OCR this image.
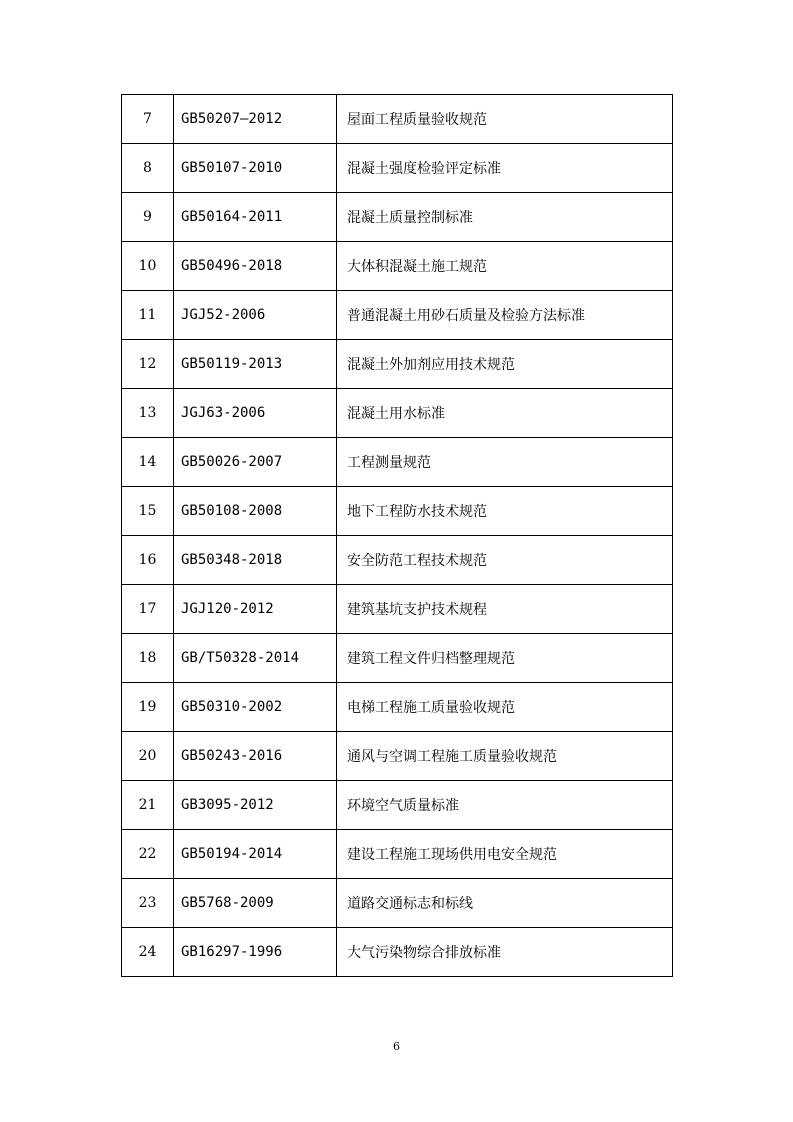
7	GB50207—2012	屋面工程质量验收规范
8	GB50107-2010	混凝土强度检验评定标准
9	GB50164-2011	混凝土质量控制标准
10	GB50496-2018	大体积混凝土施工规范
11	JGJ52-2006	普通混凝土用砂石质量及检验方法标准
12	GB50119-2013	混凝土外加剂应用技术规范
13	JGJ63-2006	混凝土用水标准
14	GB50026-2007	工程测量规范
15	GB50108-2008	地下工程防水技术规范
16	GB50348-2018	安全防范工程技术规范
17	JGJ120-2012	建筑基坑支护技术规程
18	GB/T50328-2014	建筑工程文件归档整理规范
19	GB50310-2002	电梯工程施工质量验收规范
20	GB50243-2016	通风与空调工程施工质量验收规范
21	GB3095-2012	环境空气质量标准
22	GB50194-2014	建设工程施工现场供用电安全规范
23	GB5768-2009	道路交通标志和标线
24	GB16297-1996	大气污染物综合排放标准
6
